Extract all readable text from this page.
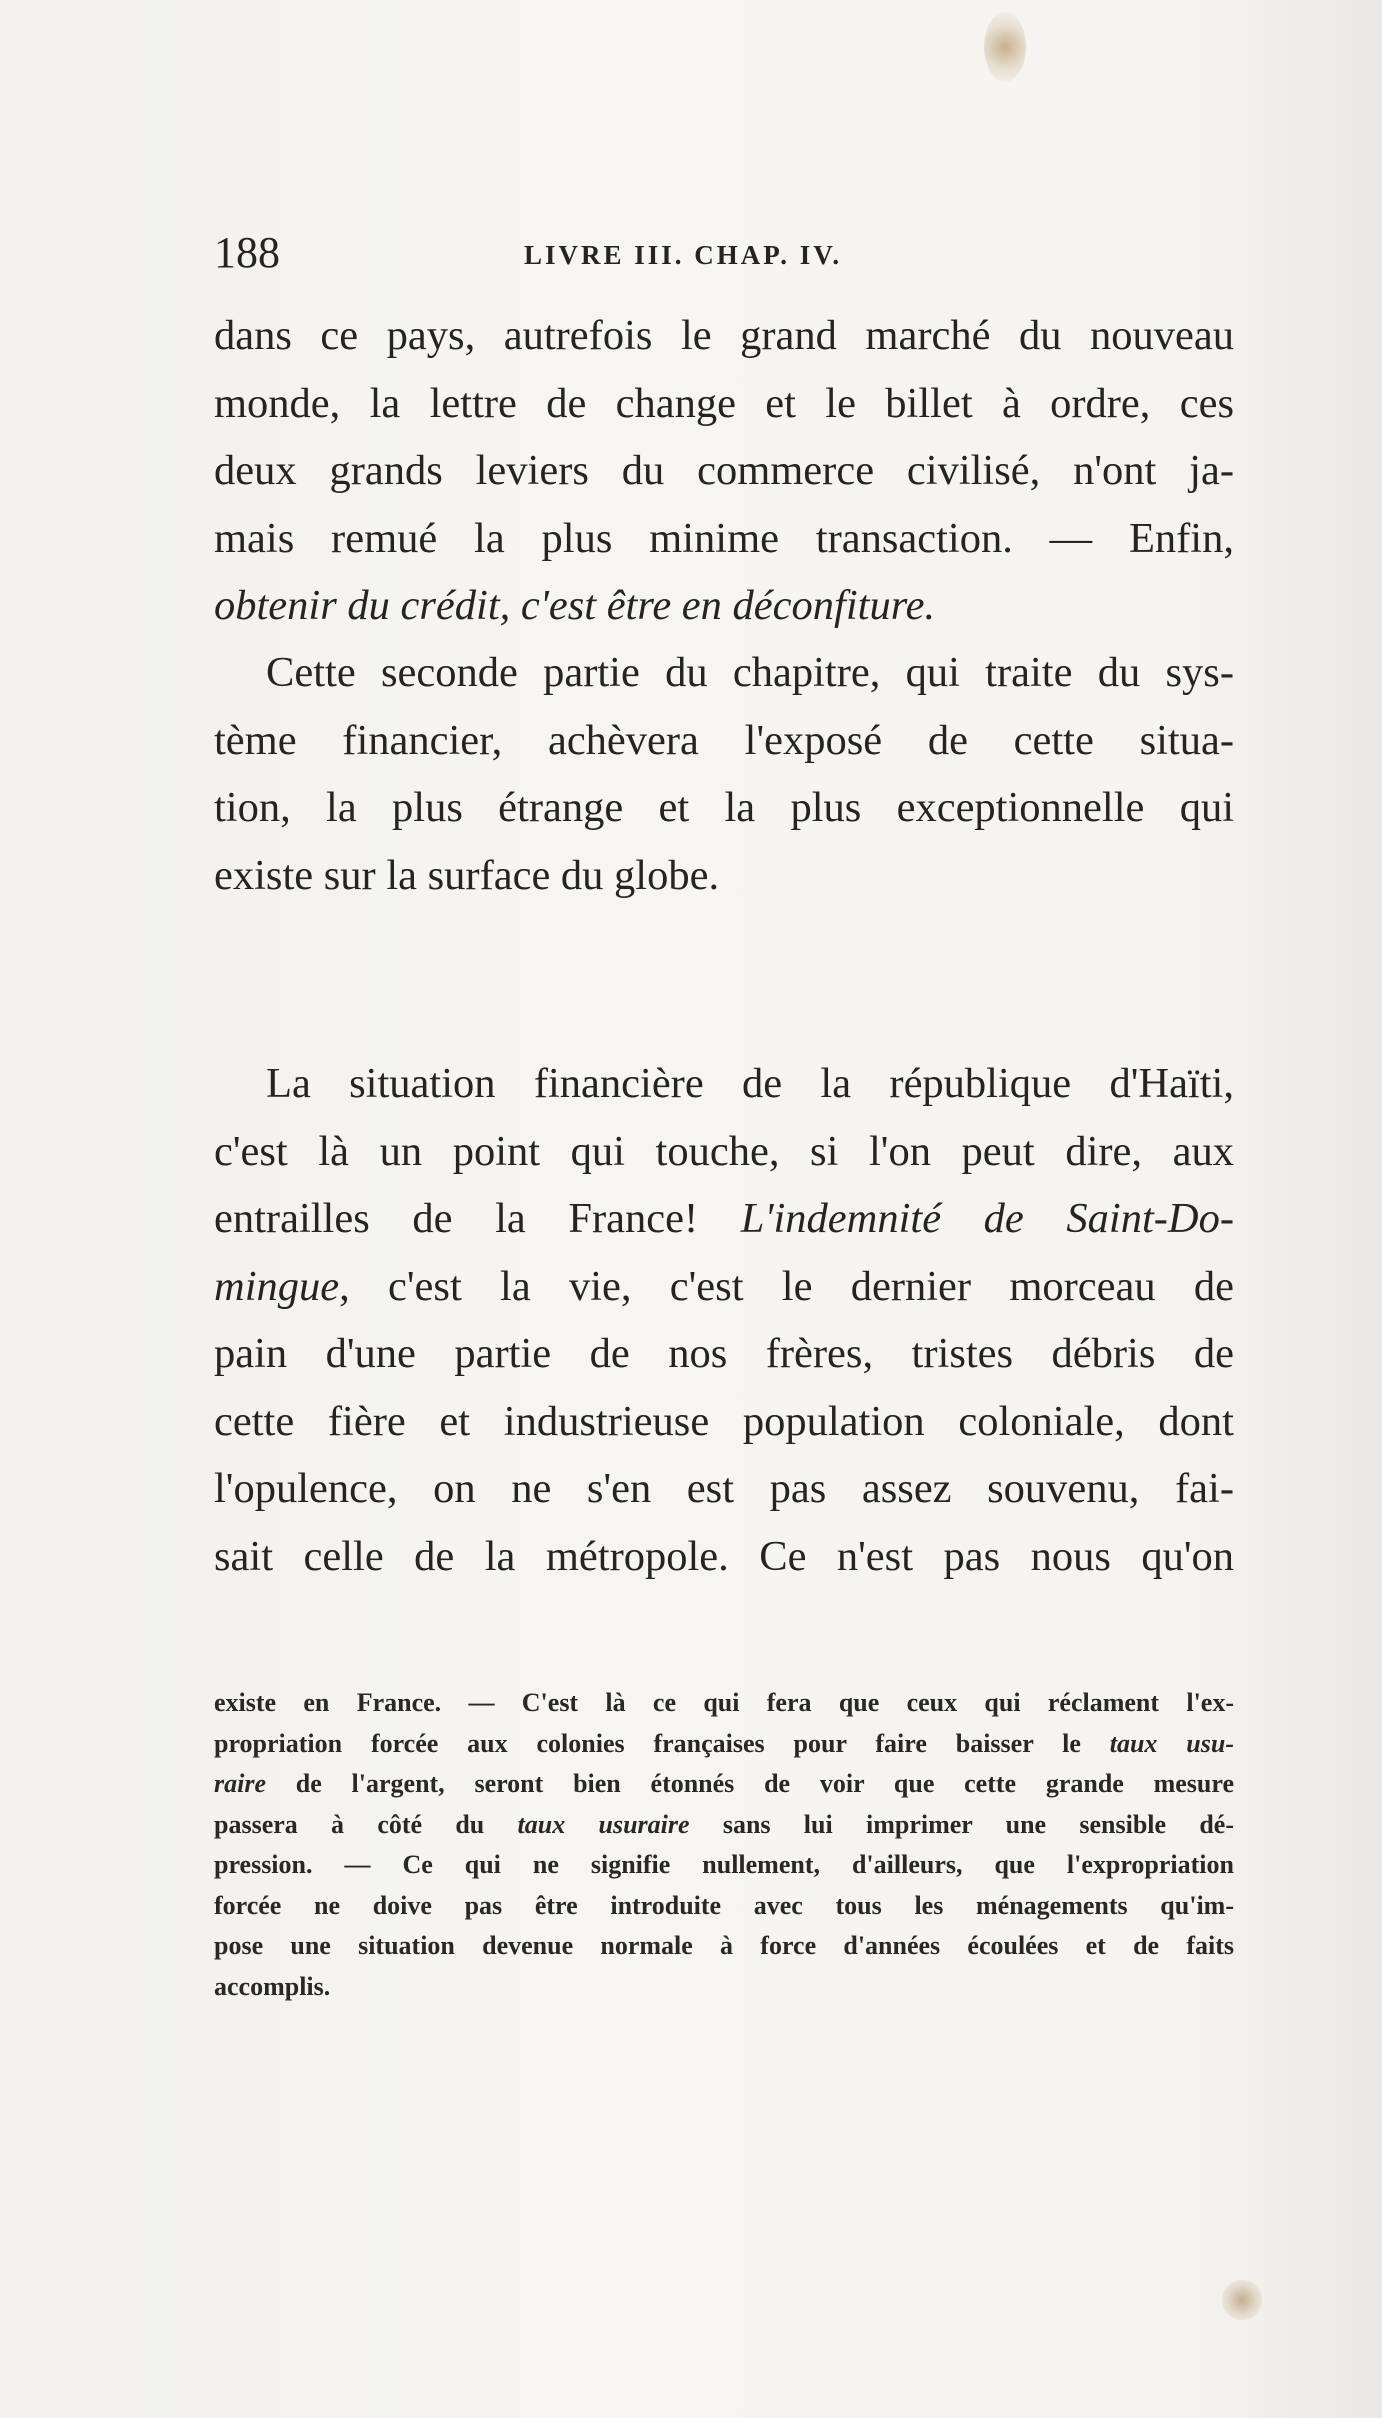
188	LIVRE III. CHAP. IV.
dans ce pays, autrefois le grand marché du nouveau
monde, la lettre de change et le billet à ordre, ces
deux grands leviers du commerce civilisé, n'ont ja-
mais remué la plus minime transaction. — Enfin,
obtenir du crédit, c'est être en déconfiture.
Cette seconde partie du chapitre, qui traite du sys-
tème financier, achèvera l'exposé de cette situa-
tion, la plus étrange et la plus exceptionnelle qui
existe sur la surface du globe.
La situation financière de la république d'Haïti,
c'est là un point qui touche, si l'on peut dire, aux
entrailles de la France! L'indemnité de Saint-Do-
mingue, c'est la vie, c'est le dernier morceau de
pain d'une partie de nos frères, tristes débris de
cette fière et industrieuse population coloniale, dont
l'opulence, on ne s'en est pas assez souvenu, fai-
sait celle de la métropole. Ce n'est pas nous qu'on
existe en France. — C'est là ce qui fera que ceux qui réclament l'ex-
propriation forcée aux colonies françaises pour faire baisser le taux usu-
raire de l'argent, seront bien étonnés de voir que cette grande mesure
passera à côté du taux usuraire sans lui imprimer une sensible dé-
pression. — Ce qui ne signifie nullement, d'ailleurs, que l'expropriation
forcée ne doive pas être introduite avec tous les ménagements qu'im-
pose une situation devenue normale à force d'années écoulées et de faits
accomplis.
